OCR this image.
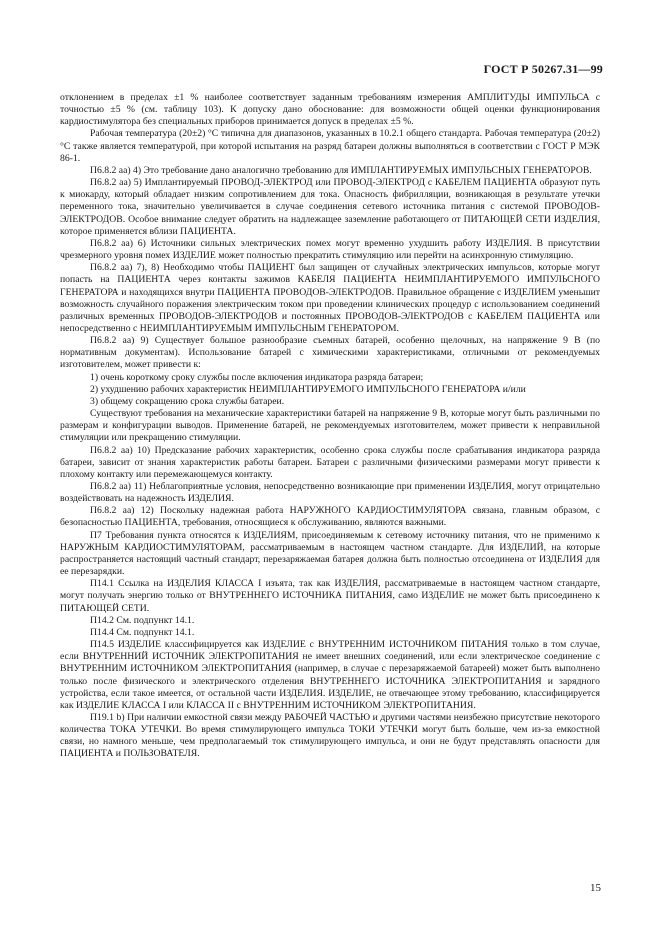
ГОСТ Р 50267.31—99

отклонением в пределах ±1 % наиболее соответствует заданным требованиям измерения АМПЛИТУДЫ ИМПУЛЬСА с точностью ±5 % (см. таблицу 103). К допуску дано обоснование: для возможности общей оценки функционирования кардиостимулятора без специальных приборов принимается допуск в пределах ±5 %.

Рабочая температура (20±2) °С типична для диапазонов, указанных в 10.2.1 общего стандарта. Рабочая температура (20±2) °С также является температурой, при которой испытания на разряд батареи должны выполняться в соответствии с ГОСТ Р МЭК 86-1.

П6.8.2 аа) 4) Это требование дано аналогично требованию для ИМПЛАНТИРУЕМЫХ ИМПУЛЬСНЫХ ГЕНЕРАТОРОВ.

П6.8.2 аа) 5) Имплантируемый ПРОВОД-ЭЛЕКТРОД или ПРОВОД-ЭЛЕКТРОД с КАБЕЛЕМ ПАЦИЕНТА образуют путь к миокарду, который обладает низким сопротивлением для тока. Опасность фибрилляции, возникающая в результате утечки переменного тока, значительно увеличивается в случае соединения сетевого источника питания с системой ПРОВОДОВ-ЭЛЕКТРОДОВ. Особое внимание следует обратить на надлежащее заземление работающего от ПИТАЮЩЕЙ СЕТИ ИЗДЕЛИЯ, которое применяется вблизи ПАЦИЕНТА.

П6.8.2 аа) 6) Источники сильных электрических помех могут временно ухудшить работу ИЗДЕЛИЯ. В присутствии чрезмерного уровня помех ИЗДЕЛИЕ может полностью прекратить стимуляцию или перейти на асинхронную стимуляцию.

П6.8.2 аа) 7), 8) Необходимо чтобы ПАЦИЕНТ был защищен от случайных электрических импульсов, которые могут попасть на ПАЦИЕНТА через контакты зажимов КАБЕЛЯ ПАЦИЕНТА НЕИМПЛАНТИРУЕМОГО ИМПУЛЬСНОГО ГЕНЕРАТОРА и находящихся внутри ПАЦИЕНТА ПРОВОДОВ-ЭЛЕКТРОДОВ. Правильное обращение с ИЗДЕЛИЕМ уменьшит возможность случайного поражения электрическим током при проведении клинических процедур с использованием соединений различных временных ПРОВОДОВ-ЭЛЕКТРОДОВ и постоянных ПРОВОДОВ-ЭЛЕКТРОДОВ с КАБЕЛЕМ ПАЦИЕНТА или непосредственно с НЕИМПЛАНТИРУЕМЫМ ИМПУЛЬСНЫМ ГЕНЕРАТОРОМ.

П6.8.2 аа) 9) Существует большое разнообразие съемных батарей, особенно щелочных, на напряжение 9 В (по нормативным документам). Использование батарей с химическими характеристиками, отличными от рекомендуемых изготовителем, может привести к:

1) очень короткому сроку службы после включения индикатора разряда батареи;

2) ухудшению рабочих характеристик НЕИМПЛАНТИРУЕМОГО ИМПУЛЬСНОГО ГЕНЕРАТОРА и/или

3) общему сокращению срока службы батареи.

Существуют требования на механические характеристики батарей на напряжение 9 В, которые могут быть различными по размерам и конфигурации выводов. Применение батарей, не рекомендуемых изготовителем, может привести к неправильной стимуляции или прекращению стимуляции.

П6.8.2 аа) 10) Предсказание рабочих характеристик, особенно срока службы после срабатывания индикатора разряда батареи, зависит от знания характеристик работы батареи. Батареи с различными физическими размерами могут привести к плохому контакту или перемежающемуся контакту.

П6.8.2 аа) 11) Неблагоприятные условия, непосредственно возникающие при применении ИЗДЕЛИЯ, могут отрицательно воздействовать на надежность ИЗДЕЛИЯ.

П6.8.2 аа) 12) Поскольку надежная работа НАРУЖНОГО КАРДИОСТИМУЛЯТОРА связана, главным образом, с безопасностью ПАЦИЕНТА, требования, относящиеся к обслуживанию, являются важными.

П7 Требования пункта относятся к ИЗДЕЛИЯМ, присоединяемым к сетевому источнику питания, что не применимо к НАРУЖНЫМ КАРДИОСТИМУЛЯТОРАМ, рассматриваемым в настоящем частном стандарте. Для ИЗДЕЛИЙ, на которые распространяется настоящий частный стандарт, перезаряжаемая батарея должна быть полностью отсоединена от ИЗДЕЛИЯ для ее перезарядки.

П14.1 Ссылка на ИЗДЕЛИЯ КЛАССА I изъята, так как ИЗДЕЛИЯ, рассматриваемые в настоящем частном стандарте, могут получать энергию только от ВНУТРЕННЕГО ИСТОЧНИКА ПИТАНИЯ, само ИЗДЕЛИЕ не может быть присоединено к ПИТАЮЩЕЙ СЕТИ.

П14.2 См. подпункт 14.1.

П14.4 См. подпункт 14.1.

П14.5 ИЗДЕЛИЕ классифицируется как ИЗДЕЛИЕ с ВНУТРЕННИМ ИСТОЧНИКОМ ПИТАНИЯ только в том случае, если ВНУТРЕННИЙ ИСТОЧНИК ЭЛЕКТРОПИТАНИЯ не имеет внешних соединений, или если электрическое соединение с ВНУТРЕННИМ ИСТОЧНИКОМ ЭЛЕКТРОПИТАНИЯ (например, в случае с перезаряжаемой батареей) может быть выполнено только после физического и электрического отделения ВНУТРЕННЕГО ИСТОЧНИКА ЭЛЕКТРОПИТАНИЯ и зарядного устройства, если такое имеется, от остальной части ИЗДЕЛИЯ. ИЗДЕЛИЕ, не отвечающее этому требованию, классифицируется как ИЗДЕЛИЕ КЛАССА I или КЛАССА II с ВНУТРЕННИМ ИСТОЧНИКОМ ЭЛЕКТРОПИТАНИЯ.

П19.1 b) При наличии емкостной связи между РАБОЧЕЙ ЧАСТЬЮ и другими частями неизбежно присутствие некоторого количества ТОКА УТЕЧКИ. Во время стимулирующего импульса ТОКИ УТЕЧКИ могут быть больше, чем из-за емкостной связи, но намного меньше, чем предполагаемый ток стимулирующего импульса, и они не будут представлять опасности для ПАЦИЕНТА и ПОЛЬЗОВАТЕЛЯ.

15
